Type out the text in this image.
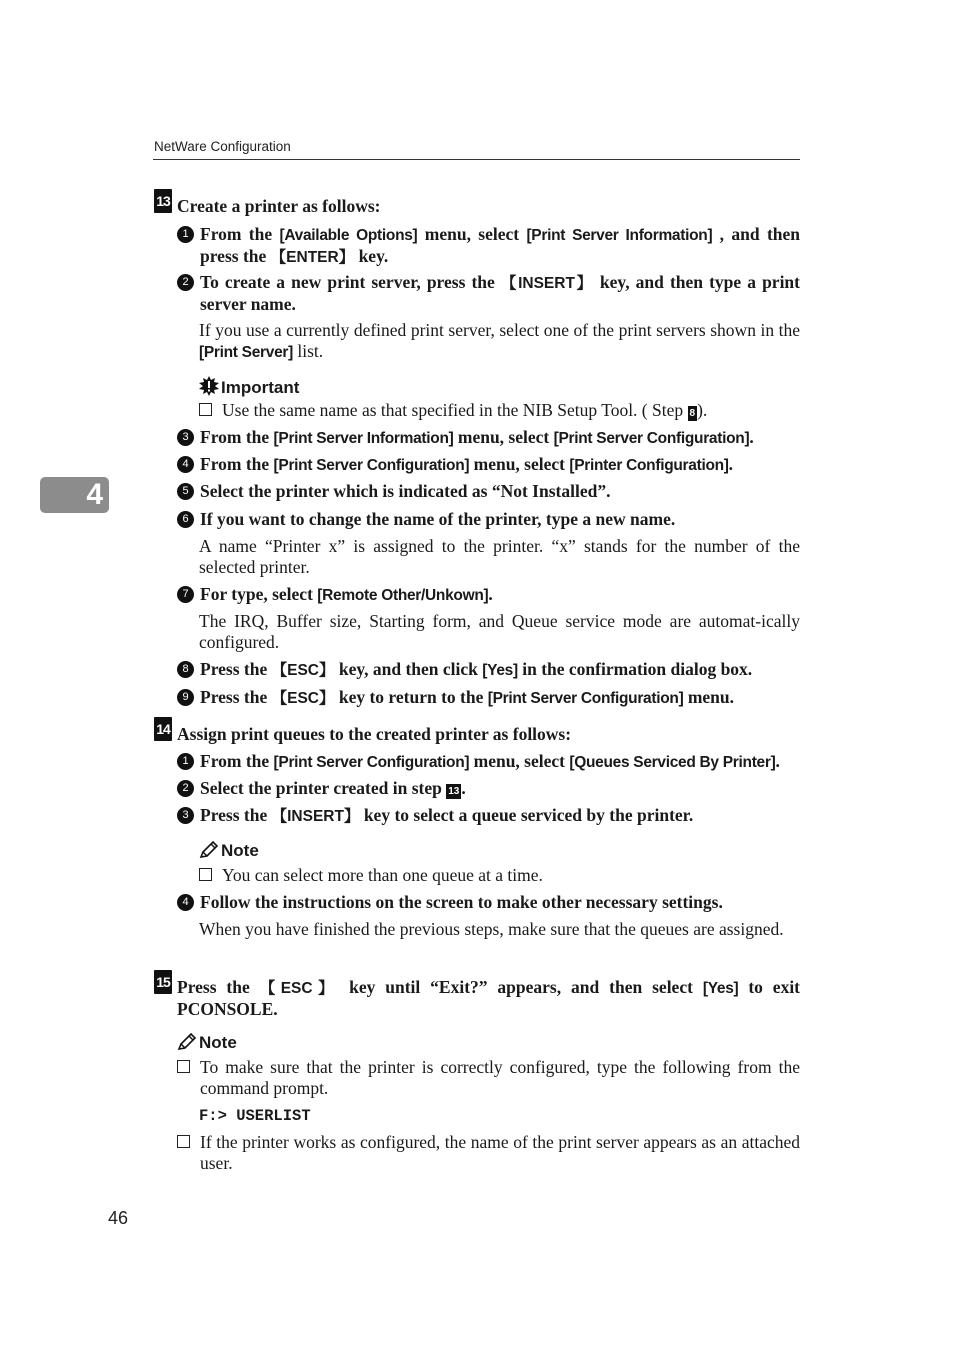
NetWare Configuration
4
13 Create a printer as follows:
1 From the [Available Options] menu, select [Print Server Information] , and then press the 【ENTER】 key.
2 To create a new print server, press the 【INSERT】 key, and then type a print server name.
If you use a currently defined print server, select one of the print servers shown in the [Print Server] list.
Important
Use the same name as that specified in the NIB Setup Tool. ( Step 8 ).
3 From the [Print Server Information] menu, select [Print Server Configuration].
4 From the [Print Server Configuration] menu, select [Printer Configuration].
5 Select the printer which is indicated as “Not Installed”.
6 If you want to change the name of the printer, type a new name.
A name “Printer x” is assigned to the printer. “x” stands for the number of the selected printer.
7 For type, select [Remote Other/Unkown].
The IRQ, Buffer size, Starting form, and Queue service mode are automat-ically configured.
8 Press the 【ESC】 key, and then click [Yes] in the confirmation dialog box.
9 Press the 【ESC】 key to return to the [Print Server Configuration] menu.
14 Assign print queues to the created printer as follows:
1 From the [Print Server Configuration] menu, select [Queues Serviced By Printer].
2 Select the printer created in step 13 .
3 Press the 【INSERT】 key to select a queue serviced by the printer.
Note
You can select more than one queue at a time.
4 Follow the instructions on the screen to make other necessary settings.
When you have finished the previous steps, make sure that the queues are assigned.
15 Press the 【ESC】 key until “Exit?” appears, and then select [Yes] to exit PCONSOLE.
Note
To make sure that the printer is correctly configured, type the following from the command prompt.
F:> USERLIST
If the printer works as configured, the name of the print server appears as an attached user.
46
